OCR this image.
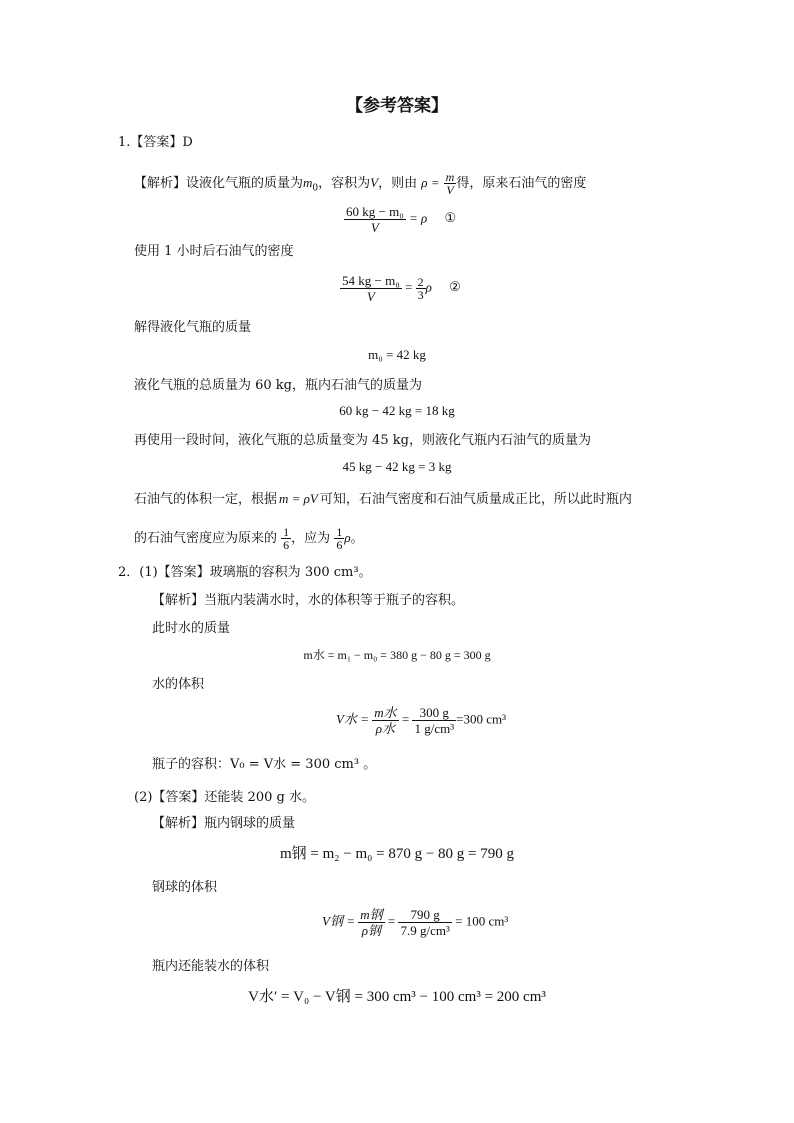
【参考答案】
1.【答案】D
【解析】设液化气瓶的质量为$m_0$，容积为V，则由 $\rho = \frac{m}{V}$ 得，原来石油气的密度
$\frac{\text{60 kg − m₀}}{V} = \rho$ ①
使用 1 小时后石油气的密度
$\frac{\text{54 kg − m₀}}{V} = \frac{2}{3}$ ρ ②
解得液化气瓶的质量
m₀ = 42 kg
液化气瓶的总质量为 60 kg，瓶内石油气的质量为
60 kg − 42 kg = 18 kg
再使用一段时间，液化气瓶的总质量变为 45 kg，则液化气瓶内石油气的质量为
45 kg − 42 kg = 3 kg
石油气的体积一定，根据 m = ρV 可知，石油气密度和石油气质量成正比，所以此时瓶内
的石油气密度应为原来的 $\frac{1}{6}$ ，应为 $\frac{1}{6}$ ρ。
2．(1)【答案】玻璃瓶的容积为 300 cm³。
【解析】当瓶内装满水时，水的体积等于瓶子的容积。
此时水的质量
m水 = m₁ − m₀ = 380 g − 80 g = 300 g
水的体积
V水 = $\frac{\text{m水}}{\text{ρ水}} = \frac{300 g}{\text{1 g/cm³}} =300$ cm³
瓶子的容积：V₀ = V水 = 300 cm³ 。
(2)【答案】还能装 200 g 水。
【解析】瓶内钢球的质量
m钢 = m₂ − m₀ = 870 g − 80 g = 790 g
钢球的体积
V钢 = $\frac{\text{m钢}}{\text{ρ钢}} = \frac{790 g}{\text{7.9 g/cm³}} = 100$ cm³
瓶内还能装水的体积
V水′ = V₀ − V钢 = 300 cm³ − 100 cm³ = 200 cm³
